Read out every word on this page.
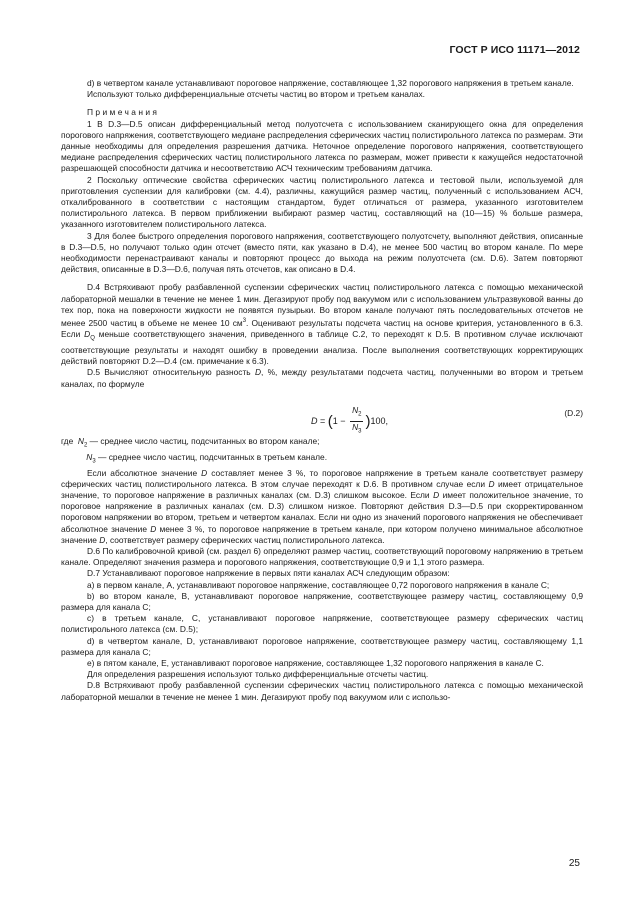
ГОСТ Р ИСО 11171—2012

d) в четвертом канале устанавливают пороговое напряжение, составляющее 1,32 порогового напряжения в третьем канале.

Используют только дифференциальные отсчеты частиц во втором и третьем каналах.

Примечания

1 В D.3—D.5 описан дифференциальный метод полуотсчета с использованием сканирующего окна для определения порогового напряжения, соответствующего медиане распределения сферических частиц полистирольного латекса по размерам. Эти данные необходимы для определения разрешения датчика. Неточное определение порогового напряжения, соответствующего медиане распределения сферических частиц полистирольного латекса по размерам, может привести к кажущейся недостаточной разрешающей способности датчика и несоответствию АСЧ техническим требованиям датчика.

2 Поскольку оптические свойства сферических частиц полистирольного латекса и тестовой пыли, используемой для приготовления суспензии для калибровки (см. 4.4), различны, кажущийся размер частиц, полученный с использованием АСЧ, откалиброванного в соответствии с настоящим стандартом, будет отличаться от размера, указанного изготовителем полистирольного латекса. В первом приближении выбирают размер частиц, составляющий на (10—15) % больше размера, указанного изготовителем полистирольного латекса.

3 Для более быстрого определения порогового напряжения, соответствующего полуотсчету, выполняют действия, описанные в D.3—D.5, но получают только один отсчет (вместо пяти, как указано в D.4), не менее 500 частиц во втором канале. По мере необходимости перенастраивают каналы и повторяют процесс до выхода на режим полуотсчета (см. D.6). Затем повторяют действия, описанные в D.3—D.6, получая пять отсчетов, как описано в D.4.

D.4 Встряхивают пробу разбавленной суспензии сферических частиц полистирольного латекса с помощью механической лабораторной мешалки в течение не менее 1 мин. Дегазируют пробу под вакуумом или с использованием ультразвуковой ванны до тех пор, пока на поверхности жидкости не появятся пузырьки. Во втором канале получают пять последовательных отсчетов не менее 2500 частиц в объеме не менее 10 $см^3$. Оценивают результаты подсчета частиц на основе критерия, установленного в 6.3. Если $D_Q$ меньше соответствующего значения, приведенного в таблице С.2, то переходят к D.5. В противном случае исключают соответствующие результаты и находят ошибку в проведении анализа. После выполнения соответствующих корректирующих действий повторяют D.2—D.4 (см. примечание к 6.3).

D.5 Вычисляют относительную разность D, %, между результатами подсчета частиц, полученными во втором и третьем каналах, по формуле

$D = (1 - \frac{N_2}{N_3} )100$,
(D.2)

где $N_2$ — среднее число частиц, подсчитанных во втором канале;

$N_3$ — среднее число частиц, подсчитанных в третьем канале.

Если абсолютное значение D составляет менее 3 %, то пороговое напряжение в третьем канале соответствует размеру сферических частиц полистирольного латекса. В этом случае переходят к D.6. В противном случае если D имеет отрицательное значение, то пороговое напряжение в различных каналах (см. D.3) слишком высокое. Если D имеет положительное значение, то пороговое напряжение в различных каналах (см. D.3) слишком низкое. Повторяют действия D.3—D.5 при скорректированном пороговом напряжении во втором, третьем и четвертом каналах. Если ни одно из значений порогового напряжения не обеспечивает абсолютное значение D менее 3 %, то пороговое напряжение в третьем канале, при котором получено минимальное абсолютное значение D, соответствует размеру сферических частиц полистирольного латекса.

D.6 По калибровочной кривой (см. раздел 6) определяют размер частиц, соответствующий пороговому напряжению в третьем канале. Определяют значения размера и порогового напряжения, соответствующие 0,9 и 1,1 этого размера.

D.7 Устанавливают пороговое напряжение в первых пяти каналах АСЧ следующим образом:

a) в первом канале, А, устанавливают пороговое напряжение, составляющее 0,72 порогового напряжения в канале С;

b) во втором канале, В, устанавливают пороговое напряжение, соответствующее размеру частиц, составляющему 0,9 размера для канала С;

c) в третьем канале, С, устанавливают пороговое напряжение, соответствующее размеру сферических частиц полистирольного латекса (см. D.5);

d) в четвертом канале, D, устанавливают пороговое напряжение, соответствующее размеру частиц, составляющему 1,1 размера для канала С;

e) в пятом канале, Е, устанавливают пороговое напряжение, составляющее 1,32 порогового напряжения в канале С.

Для определения разрешения используют только дифференциальные отсчеты частиц.

D.8 Встряхивают пробу разбавленной суспензии сферических частиц полистирольного латекса с помощью механической лабораторной мешалки в течение не менее 1 мин. Дегазируют пробу под вакуумом или с использо-

25
